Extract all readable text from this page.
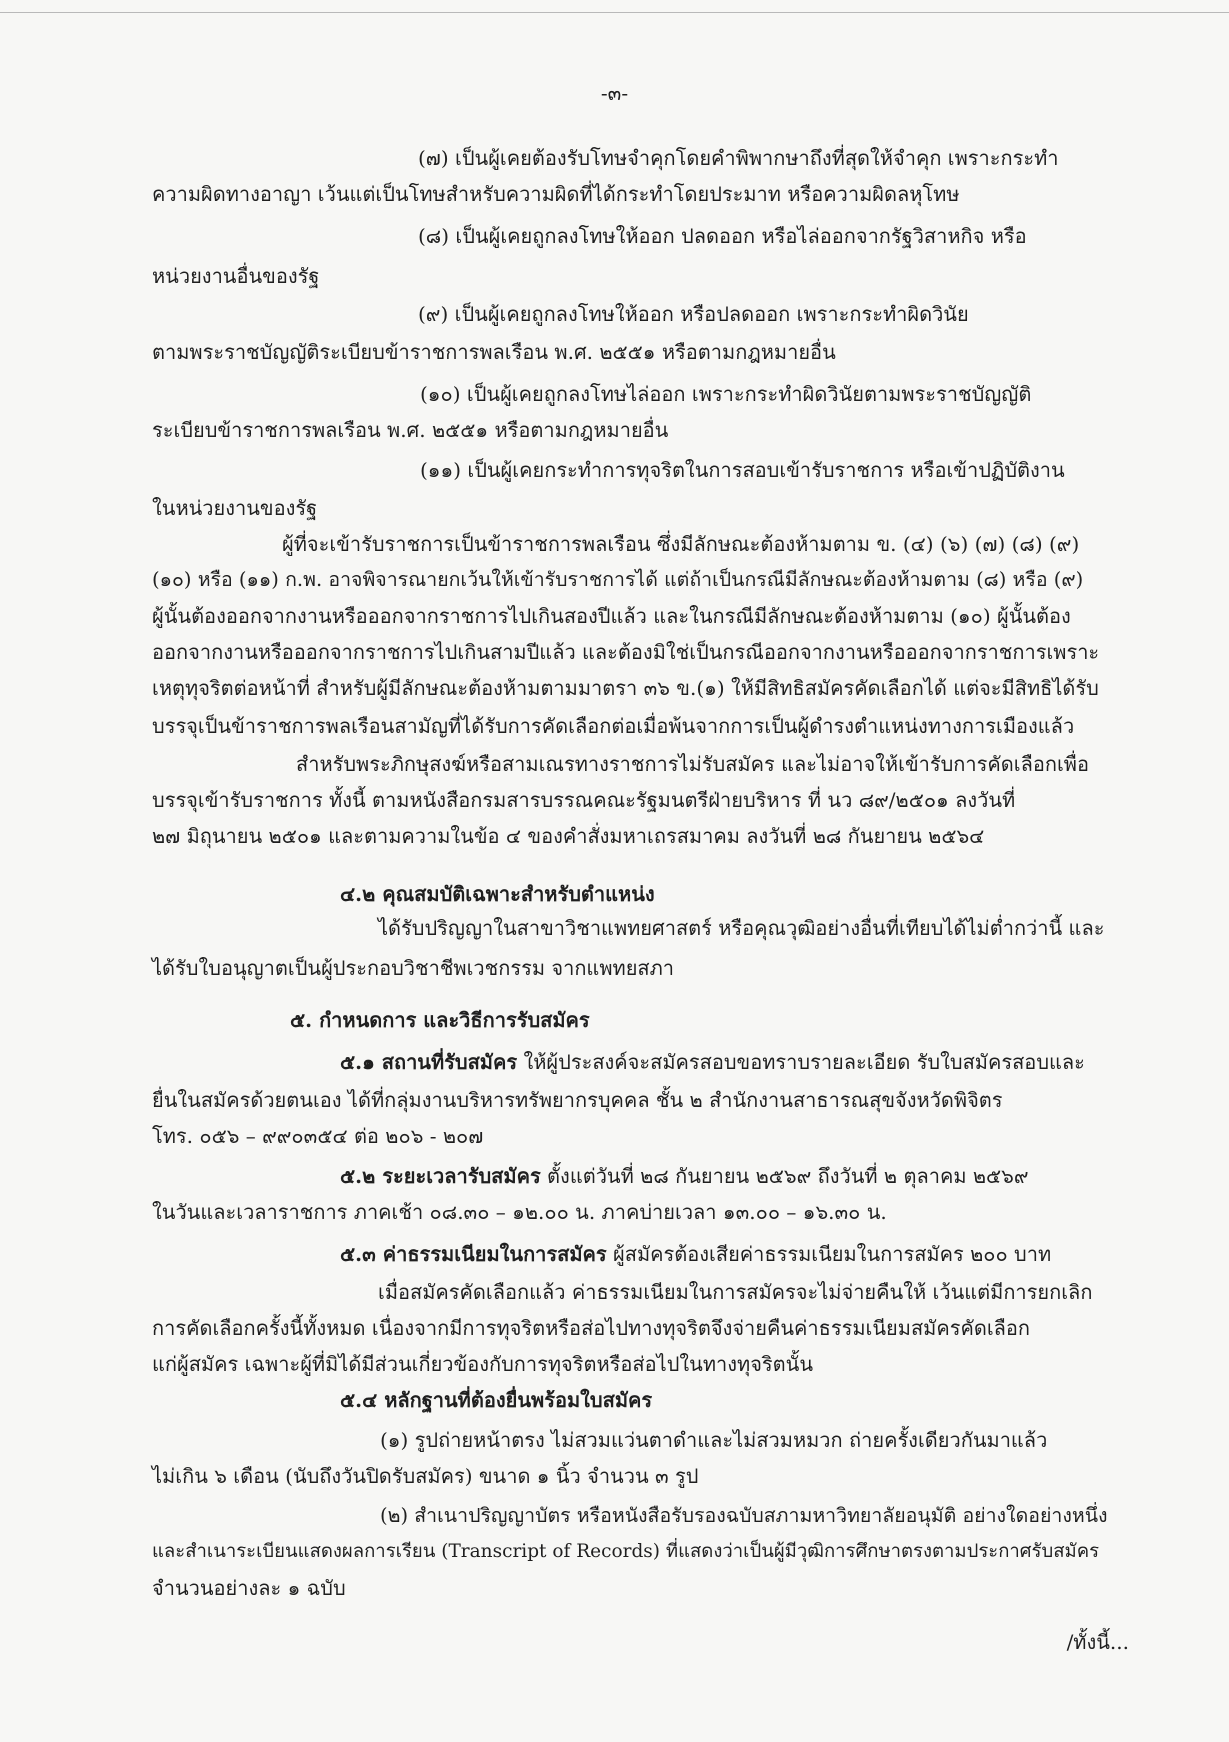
-๓-
(๗) เป็นผู้เคยต้องรับโทษจำคุกโดยคำพิพากษาถึงที่สุดให้จำคุก เพราะกระทำ
ความผิดทางอาญา เว้นแต่เป็นโทษสำหรับความผิดที่ได้กระทำโดยประมาท หรือความผิดลหุโทษ
(๘) เป็นผู้เคยถูกลงโทษให้ออก ปลดออก หรือไล่ออกจากรัฐวิสาหกิจ หรือ
หน่วยงานอื่นของรัฐ
(๙) เป็นผู้เคยถูกลงโทษให้ออก หรือปลดออก เพราะกระทำผิดวินัย
ตามพระราชบัญญัติระเบียบข้าราชการพลเรือน พ.ศ. ๒๕๕๑ หรือตามกฎหมายอื่น
(๑๐) เป็นผู้เคยถูกลงโทษไล่ออก เพราะกระทำผิดวินัยตามพระราชบัญญัติ
ระเบียบข้าราชการพลเรือน พ.ศ. ๒๕๕๑ หรือตามกฎหมายอื่น
(๑๑) เป็นผู้เคยกระทำการทุจริตในการสอบเข้ารับราชการ หรือเข้าปฏิบัติงาน
ในหน่วยงานของรัฐ
ผู้ที่จะเข้ารับราชการเป็นข้าราชการพลเรือน ซึ่งมีลักษณะต้องห้ามตาม ข. (๔) (๖) (๗) (๘) (๙)
(๑๐) หรือ (๑๑) ก.พ. อาจพิจารณายกเว้นให้เข้ารับราชการได้ แต่ถ้าเป็นกรณีมีลักษณะต้องห้ามตาม (๘) หรือ (๙)
ผู้นั้นต้องออกจากงานหรือออกจากราชการไปเกินสองปีแล้ว และในกรณีมีลักษณะต้องห้ามตาม (๑๐) ผู้นั้นต้อง
ออกจากงานหรือออกจากราชการไปเกินสามปีแล้ว และต้องมิใช่เป็นกรณีออกจากงานหรือออกจากราชการเพราะ
เหตุทุจริตต่อหน้าที่ สำหรับผู้มีลักษณะต้องห้ามตามมาตรา ๓๖ ข.(๑) ให้มีสิทธิสมัครคัดเลือกได้ แต่จะมีสิทธิได้รับ
บรรจุเป็นข้าราชการพลเรือนสามัญที่ได้รับการคัดเลือกต่อเมื่อพ้นจากการเป็นผู้ดำรงตำแหน่งทางการเมืองแล้ว
สำหรับพระภิกษุสงฆ์หรือสามเณรทางราชการไม่รับสมัคร และไม่อาจให้เข้ารับการคัดเลือกเพื่อ
บรรจุเข้ารับราชการ ทั้งนี้ ตามหนังสือกรมสารบรรณคณะรัฐมนตรีฝ่ายบริหาร ที่ นว ๘๙/๒๕๐๑ ลงวันที่
๒๗ มิถุนายน ๒๕๐๑ และตามความในข้อ ๔ ของคำสั่งมหาเถรสมาคม ลงวันที่ ๒๘ กันยายน ๒๕๖๔
๔.๒ คุณสมบัติเฉพาะสำหรับตำแหน่ง
ได้รับปริญญาในสาขาวิชาแพทยศาสตร์ หรือคุณวุฒิอย่างอื่นที่เทียบได้ไม่ต่ำกว่านี้ และ
ได้รับใบอนุญาตเป็นผู้ประกอบวิชาชีพเวชกรรม จากแพทยสภา
๕. กำหนดการ และวิธีการรับสมัคร
๕.๑ สถานที่รับสมัคร ให้ผู้ประสงค์จะสมัครสอบขอทราบรายละเอียด รับใบสมัครสอบและ
ยื่นในสมัครด้วยตนเอง ได้ที่กลุ่มงานบริหารทรัพยากรบุคคล ชั้น ๒ สำนักงานสาธารณสุขจังหวัดพิจิตร
โทร. ๐๕๖ – ๙๙๐๓๕๔ ต่อ ๒๐๖ - ๒๐๗
๕.๒ ระยะเวลารับสมัคร ตั้งแต่วันที่ ๒๘ กันยายน ๒๕๖๙ ถึงวันที่ ๒ ตุลาคม ๒๕๖๙
ในวันและเวลาราชการ ภาคเช้า ๐๘.๓๐ – ๑๒.๐๐ น. ภาคบ่ายเวลา ๑๓.๐๐ – ๑๖.๓๐ น.
๕.๓ ค่าธรรมเนียมในการสมัคร ผู้สมัครต้องเสียค่าธรรมเนียมในการสมัคร ๒๐๐ บาท
เมื่อสมัครคัดเลือกแล้ว ค่าธรรมเนียมในการสมัครจะไม่จ่ายคืนให้ เว้นแต่มีการยกเลิก
การคัดเลือกครั้งนี้ทั้งหมด เนื่องจากมีการทุจริตหรือส่อไปทางทุจริตจึงจ่ายคืนค่าธรรมเนียมสมัครคัดเลือก
แก่ผู้สมัคร เฉพาะผู้ที่มิได้มีส่วนเกี่ยวข้องกับการทุจริตหรือส่อไปในทางทุจริตนั้น
๕.๔ หลักฐานที่ต้องยื่นพร้อมใบสมัคร
(๑) รูปถ่ายหน้าตรง ไม่สวมแว่นตาดำและไม่สวมหมวก ถ่ายครั้งเดียวกันมาแล้ว
ไม่เกิน ๖ เดือน (นับถึงวันปิดรับสมัคร) ขนาด ๑ นิ้ว จำนวน ๓ รูป
(๒) สำเนาปริญญาบัตร หรือหนังสือรับรองฉบับสภามหาวิทยาลัยอนุมัติ อย่างใดอย่างหนึ่ง
และสำเนาระเบียนแสดงผลการเรียน (Transcript of Records) ที่แสดงว่าเป็นผู้มีวุฒิการศึกษาตรงตามประกาศรับสมัคร
จำนวนอย่างละ ๑ ฉบับ
/ทั้งนี้...
